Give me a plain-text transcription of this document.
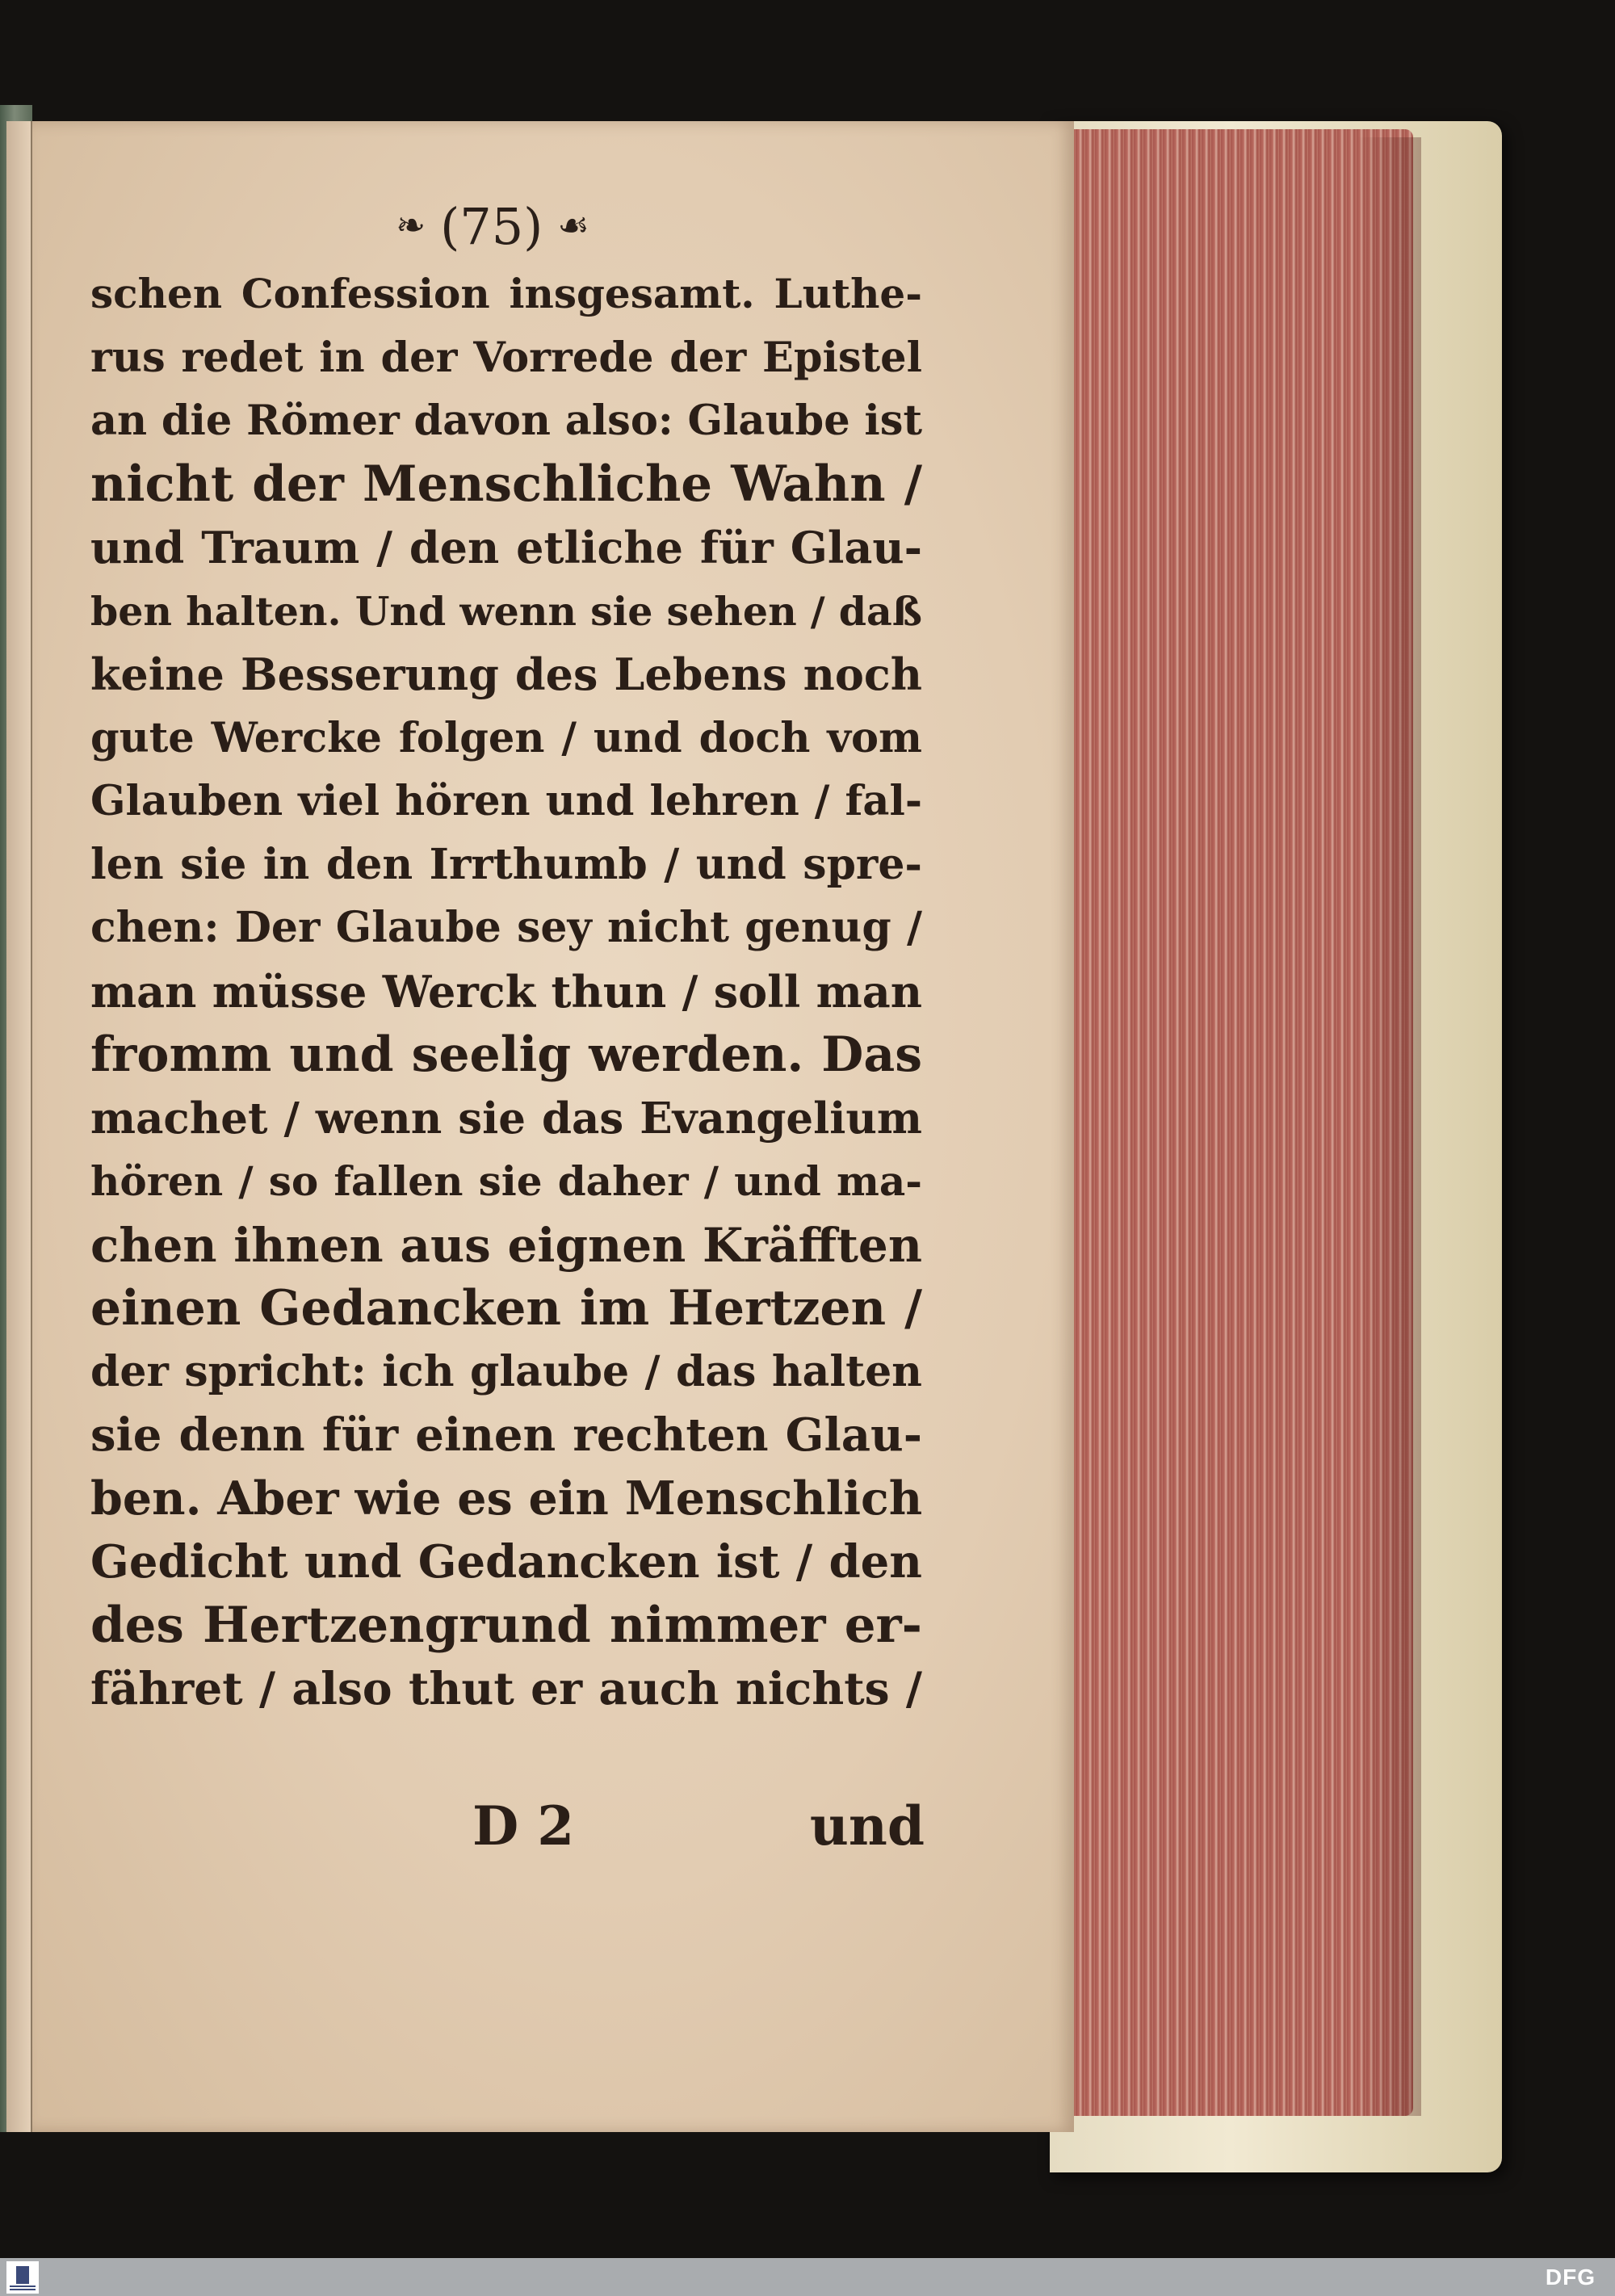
❧ (75) ☙
schen Confession insgesamt. Luthe-
rus redet in der Vorrede der Epistel
an die Römer davon also: Glaube ist
nicht der Menschliche Wahn /
und Traum / den etliche für Glau-
ben halten. Und wenn sie sehen / daß
keine Besserung des Lebens noch
gute Wercke folgen / und doch vom
Glauben viel hören und lehren / fal-
len sie in den Irrthumb / und spre-
chen: Der Glaube sey nicht genug /
man müsse Werck thun / soll man
fromm und seelig werden. Das
machet / wenn sie das Evangelium
hören / so fallen sie daher / und ma-
chen ihnen aus eignen Kräfften
einen Gedancken im Hertzen /
der spricht: ich glaube / das halten
sie denn für einen rechten Glau-
ben. Aber wie es ein Menschlich
Gedicht und Gedancken ist / den
des Hertzengrund nimmer er-
fähret / also thut er auch nichts /
D 2	und
DFG
